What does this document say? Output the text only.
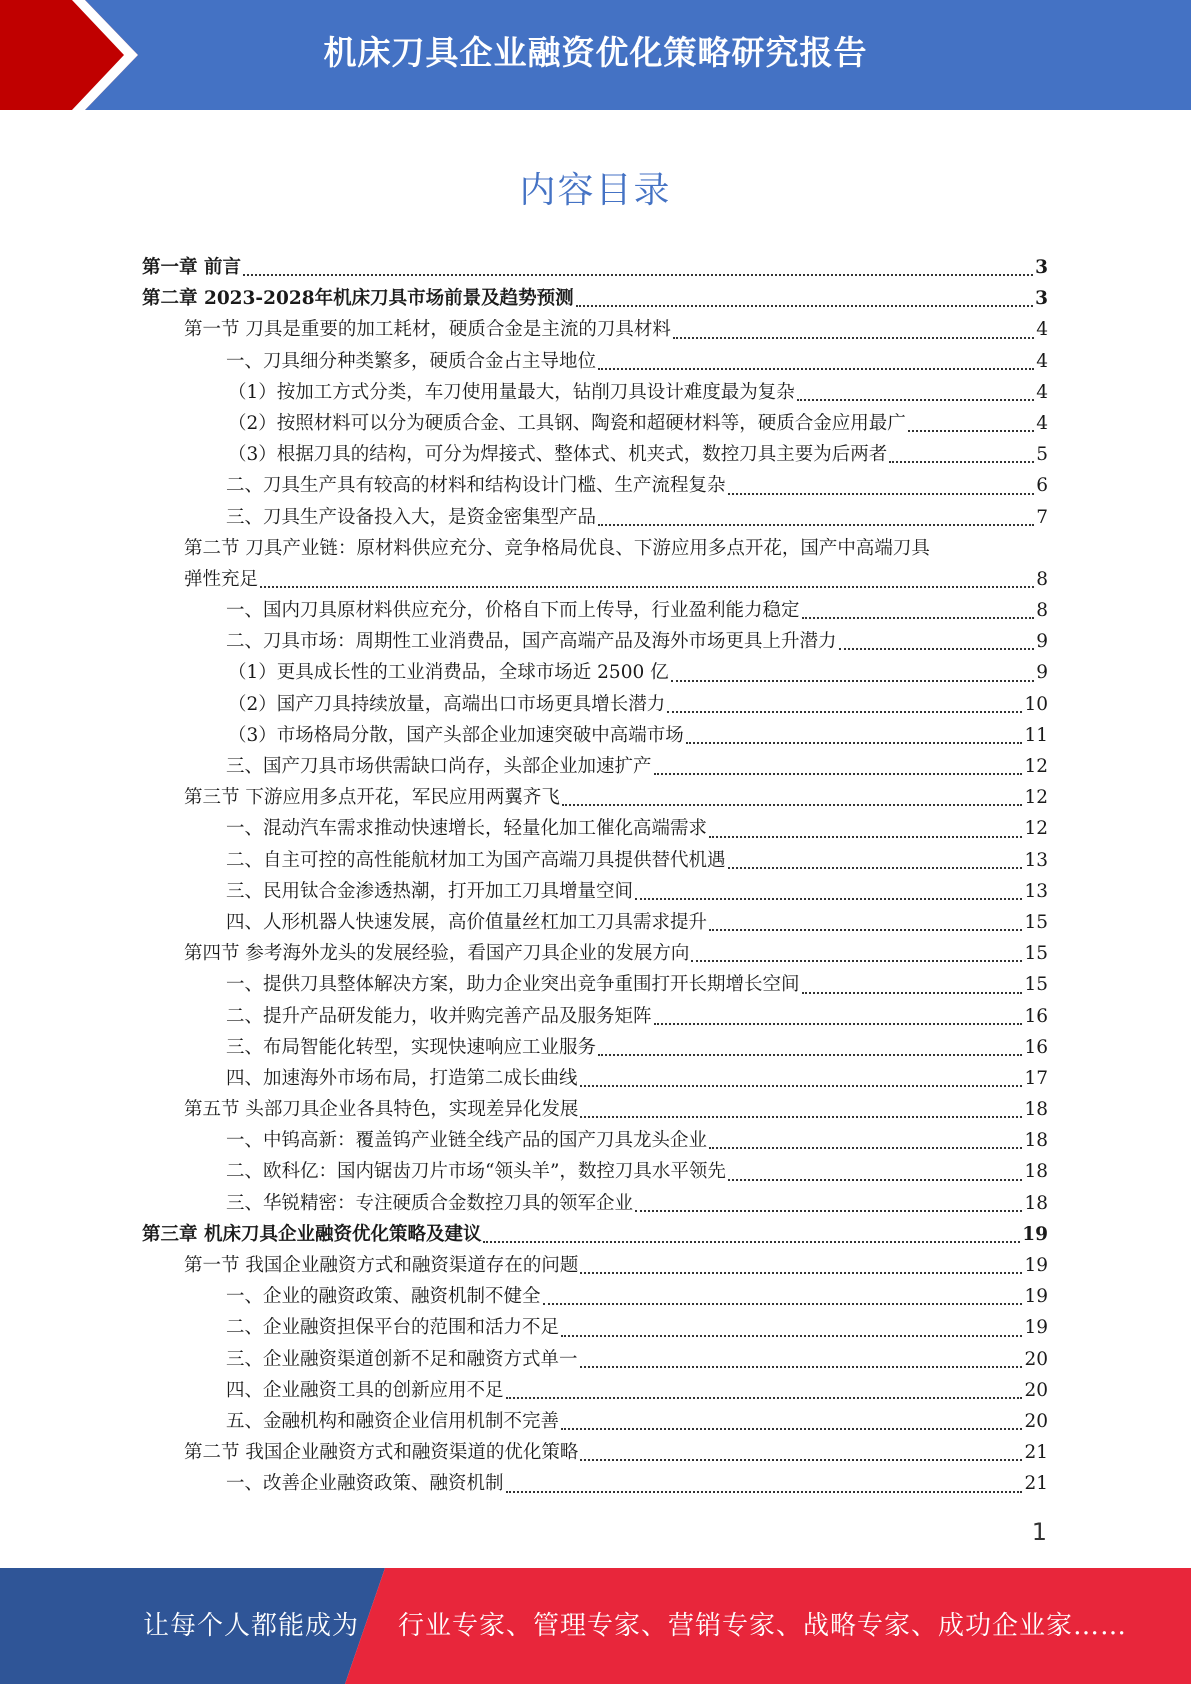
机床刀具企业融资优化策略研究报告
内容目录
第一章 前言	3
第二章 2023-2028年机床刀具市场前景及趋势预测	3
第一节 刀具是重要的加工耗材，硬质合金是主流的刀具材料	4
一、刀具细分种类繁多，硬质合金占主导地位	4
（1）按加工方式分类，车刀使用量最大，钻削刀具设计难度最为复杂	4
（2）按照材料可以分为硬质合金、工具钢、陶瓷和超硬材料等，硬质合金应用最广	4
（3）根据刀具的结构，可分为焊接式、整体式、机夹式，数控刀具主要为后两者	5
二、刀具生产具有较高的材料和结构设计门槛、生产流程复杂	6
三、刀具生产设备投入大，是资金密集型产品	7
第二节 刀具产业链：原材料供应充分、竞争格局优良、下游应用多点开花，国产中高端刀具
弹性充足	8
一、国内刀具原材料供应充分，价格自下而上传导，行业盈利能力稳定	8
二、刀具市场：周期性工业消费品，国产高端产品及海外市场更具上升潜力	9
（1）更具成长性的工业消费品，全球市场近 2500 亿	9
（2）国产刀具持续放量，高端出口市场更具增长潜力	10
（3）市场格局分散，国产头部企业加速突破中高端市场	11
三、国产刀具市场供需缺口尚存，头部企业加速扩产	12
第三节 下游应用多点开花，军民应用两翼齐飞	12
一、混动汽车需求推动快速增长，轻量化加工催化高端需求	12
二、自主可控的高性能航材加工为国产高端刀具提供替代机遇	13
三、民用钛合金渗透热潮，打开加工刀具增量空间	13
四、人形机器人快速发展，高价值量丝杠加工刀具需求提升	15
第四节 参考海外龙头的发展经验，看国产刀具企业的发展方向	15
一、提供刀具整体解决方案，助力企业突出竞争重围打开长期增长空间	15
二、提升产品研发能力，收并购完善产品及服务矩阵	16
三、布局智能化转型，实现快速响应工业服务	16
四、加速海外市场布局，打造第二成长曲线	17
第五节 头部刀具企业各具特色，实现差异化发展	18
一、中钨高新：覆盖钨产业链全线产品的国产刀具龙头企业	18
二、欧科亿：国内锯齿刀片市场“领头羊”，数控刀具水平领先	18
三、华锐精密：专注硬质合金数控刀具的领军企业	18
第三章 机床刀具企业融资优化策略及建议	19
第一节 我国企业融资方式和融资渠道存在的问题	19
一、企业的融资政策、融资机制不健全	19
二、企业融资担保平台的范围和活力不足	19
三、企业融资渠道创新不足和融资方式单一	20
四、企业融资工具的创新应用不足	20
五、金融机构和融资企业信用机制不完善	20
第二节 我国企业融资方式和融资渠道的优化策略	21
一、改善企业融资政策、融资机制	21
1
让每个人都能成为 行业专家、管理专家、营销专家、战略专家、成功企业家……
